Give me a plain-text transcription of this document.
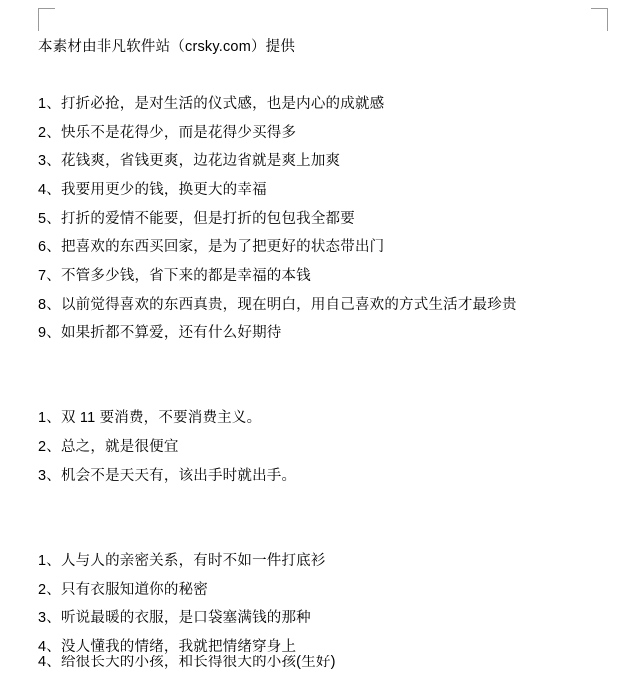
本素材由非凡软件站（crsky.com）提供

1、打折必抢，是对生活的仪式感，也是内心的成就感

2、快乐不是花得少，而是花得少买得多

3、花钱爽，省钱更爽，边花边省就是爽上加爽

4、我要用更少的钱，换更大的幸福

5、打折的爱情不能要，但是打折的包包我全都要

6、把喜欢的东西买回家，是为了把更好的状态带出门

7、不管多少钱，省下来的都是幸福的本钱

8、以前觉得喜欢的东西真贵，现在明白，用自己喜欢的方式生活才最珍贵

9、如果折都不算爱，还有什么好期待

1、双 11 要消费，不要消费主义。

2、总之，就是很便宜

3、机会不是天天有，该出手时就出手。

1、人与人的亲密关系，有时不如一件打底衫

2、只有衣服知道你的秘密

3、听说最暖的衣服，是口袋塞满钱的那种

4、没人懂我的情绪，我就把情绪穿身上

4、给很长大的小孩，和长得很大的小孩(生好)
